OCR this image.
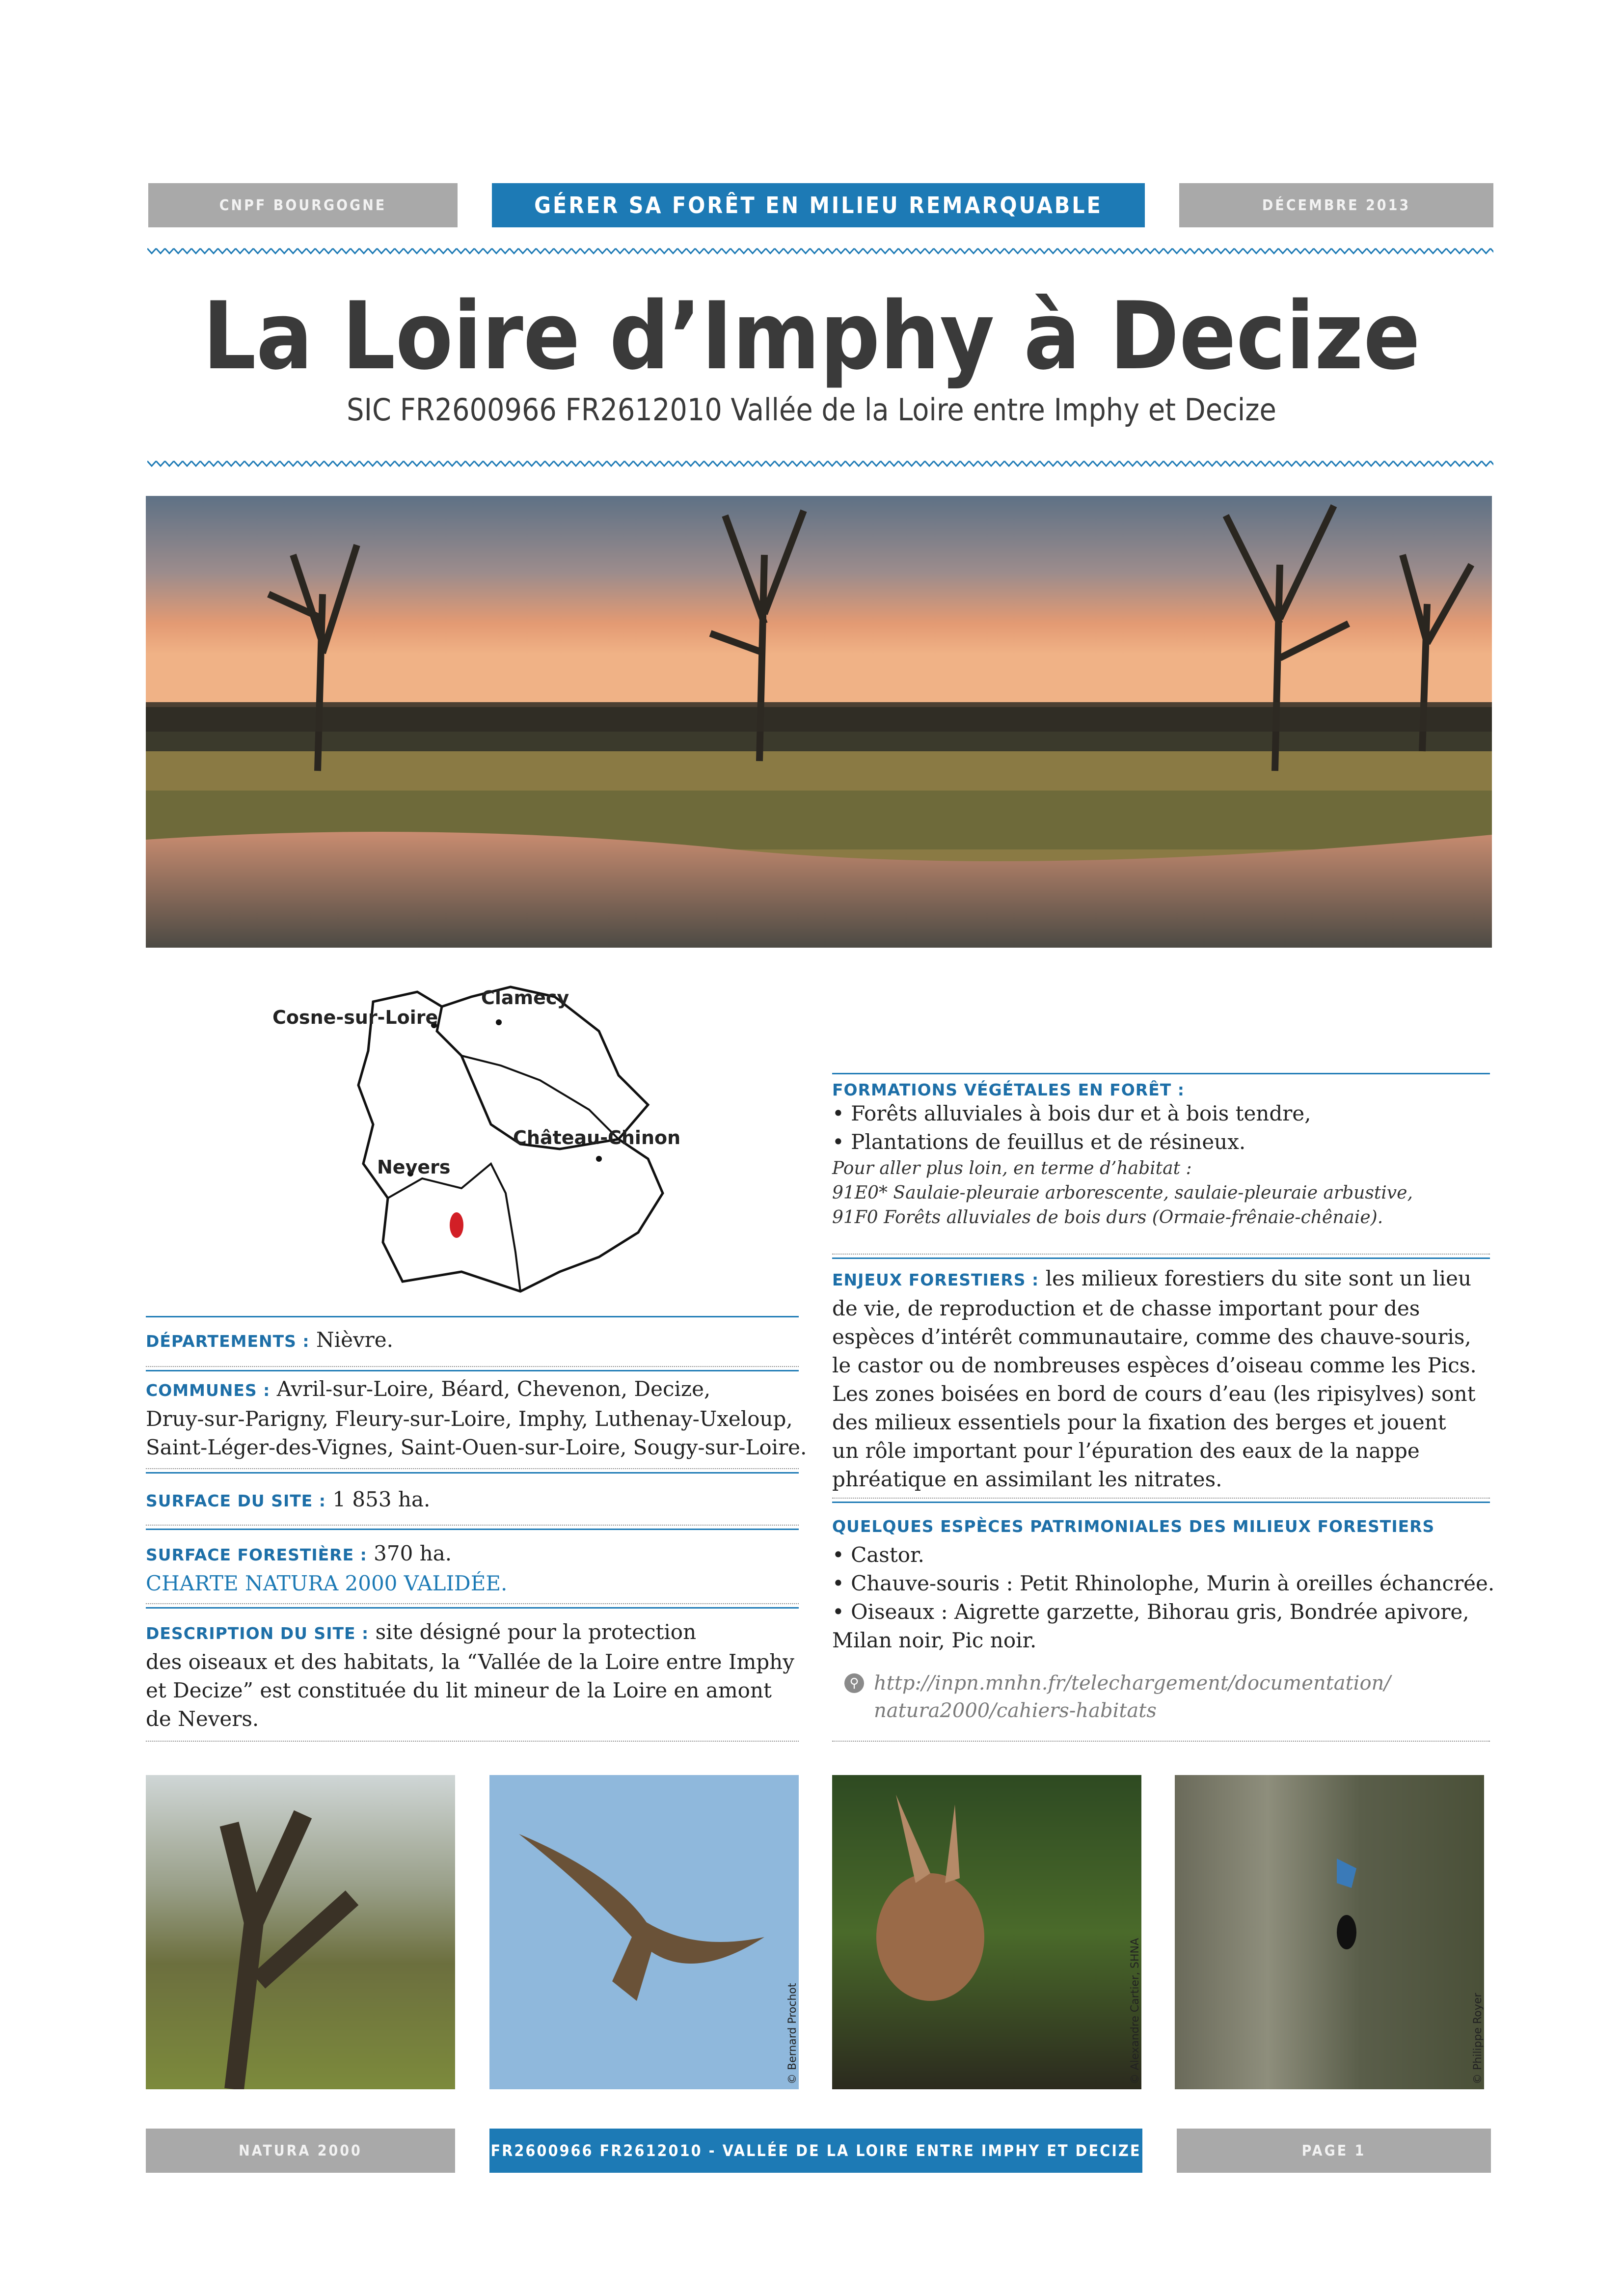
CNPF BOURGOGNE	GÉRER SA FORÊT EN MILIEU REMARQUABLE	DÉCEMBRE 2013
La Loire d’Imphy à Decize
SIC FR2600966 FR2612010 Vallée de la Loire entre Imphy et Decize
Cosne-sur-Loire
Clamecy
Château-Chinon
Nevers
DÉPARTEMENTS : Nièvre.
COMMUNES : Avril-sur-Loire, Béard, Chevenon, Decize,
Druy-sur-Parigny, Fleury-sur-Loire, Imphy, Luthenay-Uxeloup,
Saint-Léger-des-Vignes, Saint-Ouen-sur-Loire, Sougy-sur-Loire.
SURFACE DU SITE : 1 853 ha.
SURFACE FORESTIÈRE : 370 ha.
CHARTE NATURA 2000 VALIDÉE.
DESCRIPTION DU SITE : site désigné pour la protection
des oiseaux et des habitats, la “Vallée de la Loire entre Imphy
et Decize” est constituée du lit mineur de la Loire en amont
de Nevers.
FORMATIONS VÉGÉTALES EN FORÊT :
• Forêts alluviales à bois dur et à bois tendre,
• Plantations de feuillus et de résineux.
Pour aller plus loin, en terme d’habitat :
91E0* Saulaie-pleuraie arborescente, saulaie-pleuraie arbustive,
91F0 Forêts alluviales de bois durs (Ormaie-frênaie-chênaie).
ENJEUX FORESTIERS : les milieux forestiers du site sont un lieu
de vie, de reproduction et de chasse important pour des
espèces d’intérêt communautaire, comme des chauve-souris,
le castor ou de nombreuses espèces d’oiseau comme les Pics.
Les zones boisées en bord de cours d’eau (les ripisylves) sont
des milieux essentiels pour la fixation des berges et jouent
un rôle important pour l’épuration des eaux de la nappe
phréatique en assimilant les nitrates.
QUELQUES ESPÈCES PATRIMONIALES DES MILIEUX FORESTIERS
• Castor.
• Chauve-souris : Petit Rhinolophe, Murin à oreilles échancrée.
• Oiseaux : Aigrette garzette, Bihorau gris, Bondrée apivore,
Milan noir, Pic noir.
⚲ http://inpn.mnhn.fr/telechargement/documentation/
natura2000/cahiers-habitats
© Bernard Prochot	© Alexandre Cartier, SHNA	© Philippe Royer
NATURA 2000	FR2600966 FR2612010 - VALLÉE DE LA LOIRE ENTRE IMPHY ET DECIZE	PAGE 1
